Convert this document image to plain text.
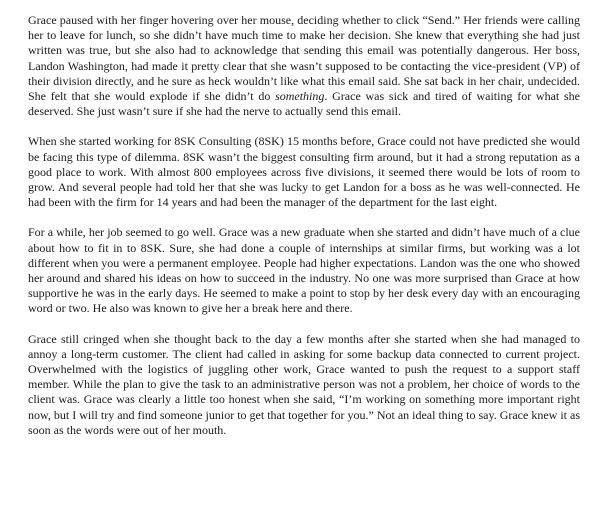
Grace paused with her finger hovering over her mouse, deciding whether to click “Send.” Her friends were calling her to leave for lunch, so she didn’t have much time to make her decision. She knew that everything she had just written was true, but she also had to acknowledge that sending this email was potentially dangerous. Her boss, Landon Washington, had made it pretty clear that she wasn’t supposed to be contacting the vice-president (VP) of their division directly, and he sure as heck wouldn’t like what this email said. She sat back in her chair, undecided. She felt that she would explode if she didn’t do something. Grace was sick and tired of waiting for what she deserved. She just wasn’t sure if she had the nerve to actually send this email.

When she started working for 8SK Consulting (8SK) 15 months before, Grace could not have predicted she would be facing this type of dilemma. 8SK wasn’t the biggest consulting firm around, but it had a strong reputation as a good place to work. With almost 800 employees across five divisions, it seemed there would be lots of room to grow. And several people had told her that she was lucky to get Landon for a boss as he was well-connected. He had been with the firm for 14 years and had been the manager of the department for the last eight.

For a while, her job seemed to go well. Grace was a new graduate when she started and didn’t have much of a clue about how to fit in to 8SK. Sure, she had done a couple of internships at similar firms, but working was a lot different when you were a permanent employee. People had higher expectations. Landon was the one who showed her around and shared his ideas on how to succeed in the industry. No one was more surprised than Grace at how supportive he was in the early days. He seemed to make a point to stop by her desk every day with an encouraging word or two. He also was known to give her a break here and there.

Grace still cringed when she thought back to the day a few months after she started when she had managed to annoy a long-term customer. The client had called in asking for some backup data connected to current project. Overwhelmed with the logistics of juggling other work, Grace wanted to push the request to a support staff member. While the plan to give the task to an administrative person was not a problem, her choice of words to the client was. Grace was clearly a little too honest when she said, “I’m working on something more important right now, but I will try and find someone junior to get that together for you.” Not an ideal thing to say. Grace knew it as soon as the words were out of her mouth.
